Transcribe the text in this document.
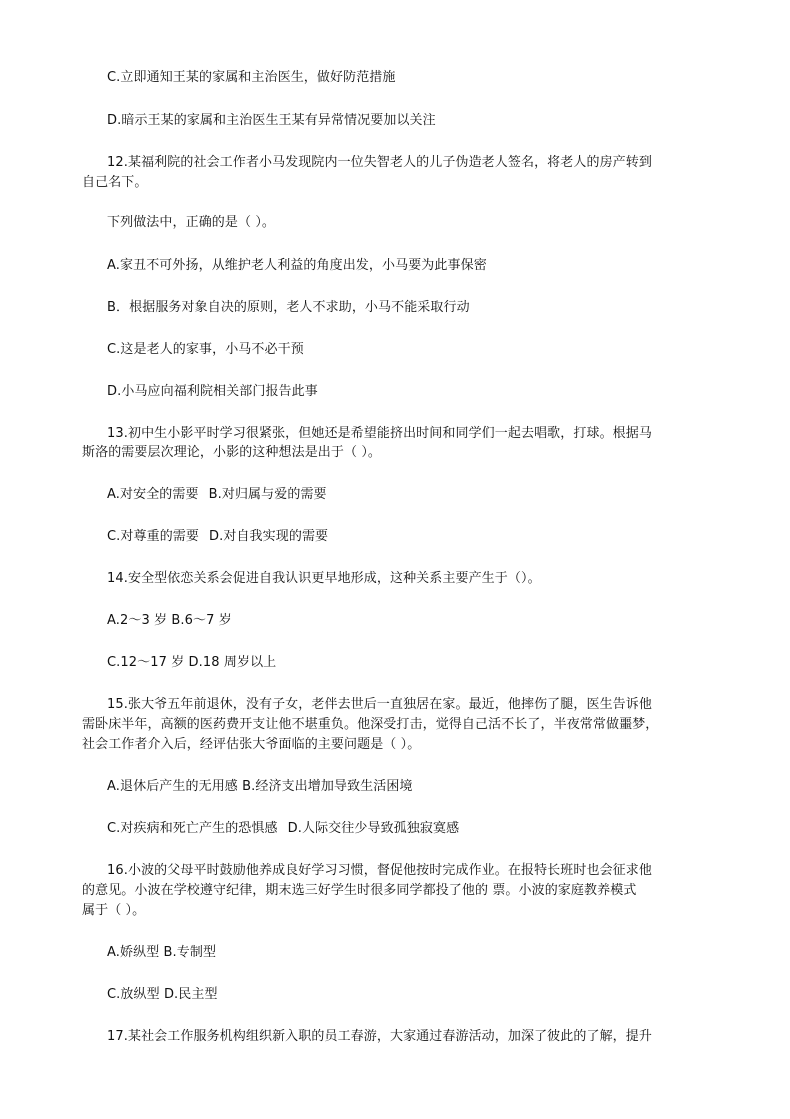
C.立即通知王某的家属和主治医生，做好防范措施
D.暗示王某的家属和主治医生王某有异常情况要加以关注
12.某福利院的社会工作者小马发现院内一位失智老人的儿子伪造老人签名，将老人的房产转到
自己名下。
下列做法中，正确的是（ ）。
A.家丑不可外扬，从维护老人利益的角度出发，小马要为此事保密
B．根据服务对象自决的原则，老人不求助，小马不能采取行动
C.这是老人的家事，小马不必干预
D.小马应向福利院相关部门报告此事
13.初中生小影平时学习很紧张，但她还是希望能挤出时间和同学们一起去唱歌，打球。根据马
斯洛的需要层次理论，小影的这种想法是出于（ ）。
A.对安全的需要 B.对归属与爱的需要
C.对尊重的需要 D.对自我实现的需要
14.安全型依恋关系会促进自我认识更早地形成，这种关系主要产生于（）。
A.2～3 岁 B.6～7 岁
C.12～17 岁 D.18 周岁以上
15.张大爷五年前退休，没有子女，老伴去世后一直独居在家。最近，他摔伤了腿，医生告诉他
需卧床半年，高额的医药费开支让他不堪重负。他深受打击，觉得自己活不长了，半夜常常做噩梦，
社会工作者介入后，经评估张大爷面临的主要问题是（ ）。
A.退休后产生的无用感 B.经济支出增加导致生活困境
C.对疾病和死亡产生的恐惧感 D.人际交往少导致孤独寂寞感
16.小波的父母平时鼓励他养成良好学习习惯，督促他按时完成作业。在报特长班时也会征求他
的意见。小波在学校遵守纪律，期末选三好学生时很多同学都投了他的 票。小波的家庭教养模式
属于（ ）。
A.娇纵型 B.专制型
C.放纵型 D.民主型
17.某社会工作服务机构组织新入职的员工春游，大家通过春游活动，加深了彼此的了解，提升
